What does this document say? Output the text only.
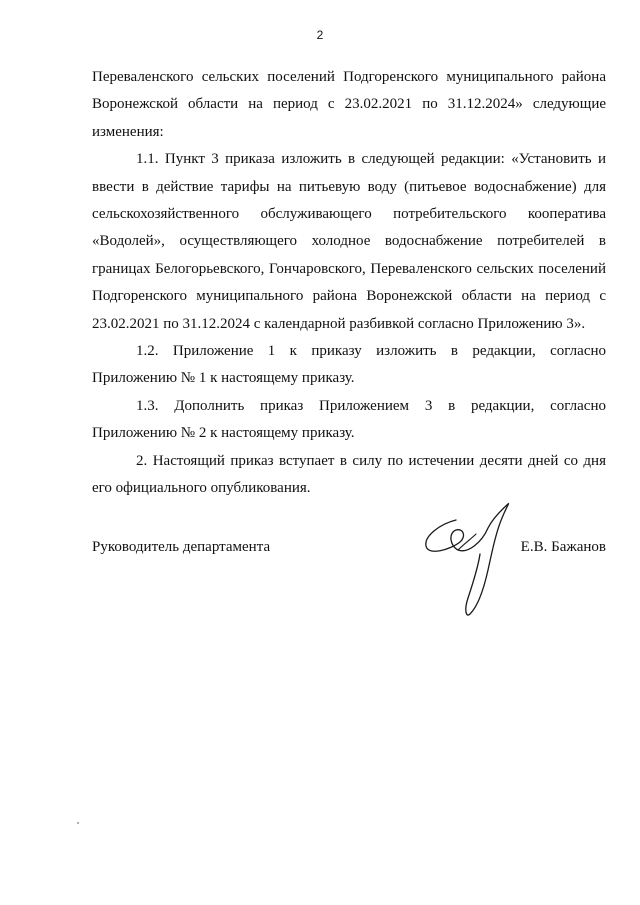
2

Переваленского сельских поселений Подгоренского муниципального района Воронежской области на период с 23.02.2021 по 31.12.2024» следующие изменения:

1.1. Пункт 3 приказа изложить в следующей редакции: «Установить и ввести в действие тарифы на питьевую воду (питьевое водоснабжение) для сельскохозяйственного обслуживающего потребительского кооператива «Водолей», осуществляющего холодное водоснабжение потребителей в границах Белогорьевского, Гончаровского, Переваленского сельских поселений Подгоренского муниципального района Воронежской области на период с 23.02.2021 по 31.12.2024 с календарной разбивкой согласно Приложению 3».

1.2. Приложение 1 к приказу изложить в редакции, согласно Приложению № 1 к настоящему приказу.

1.3. Дополнить приказ Приложением 3 в редакции, согласно Приложению № 2 к настоящему приказу.

2. Настоящий приказ вступает в силу по истечении десяти дней со дня его официального опубликования.

Руководитель департамента	Е.В. Бажанов
